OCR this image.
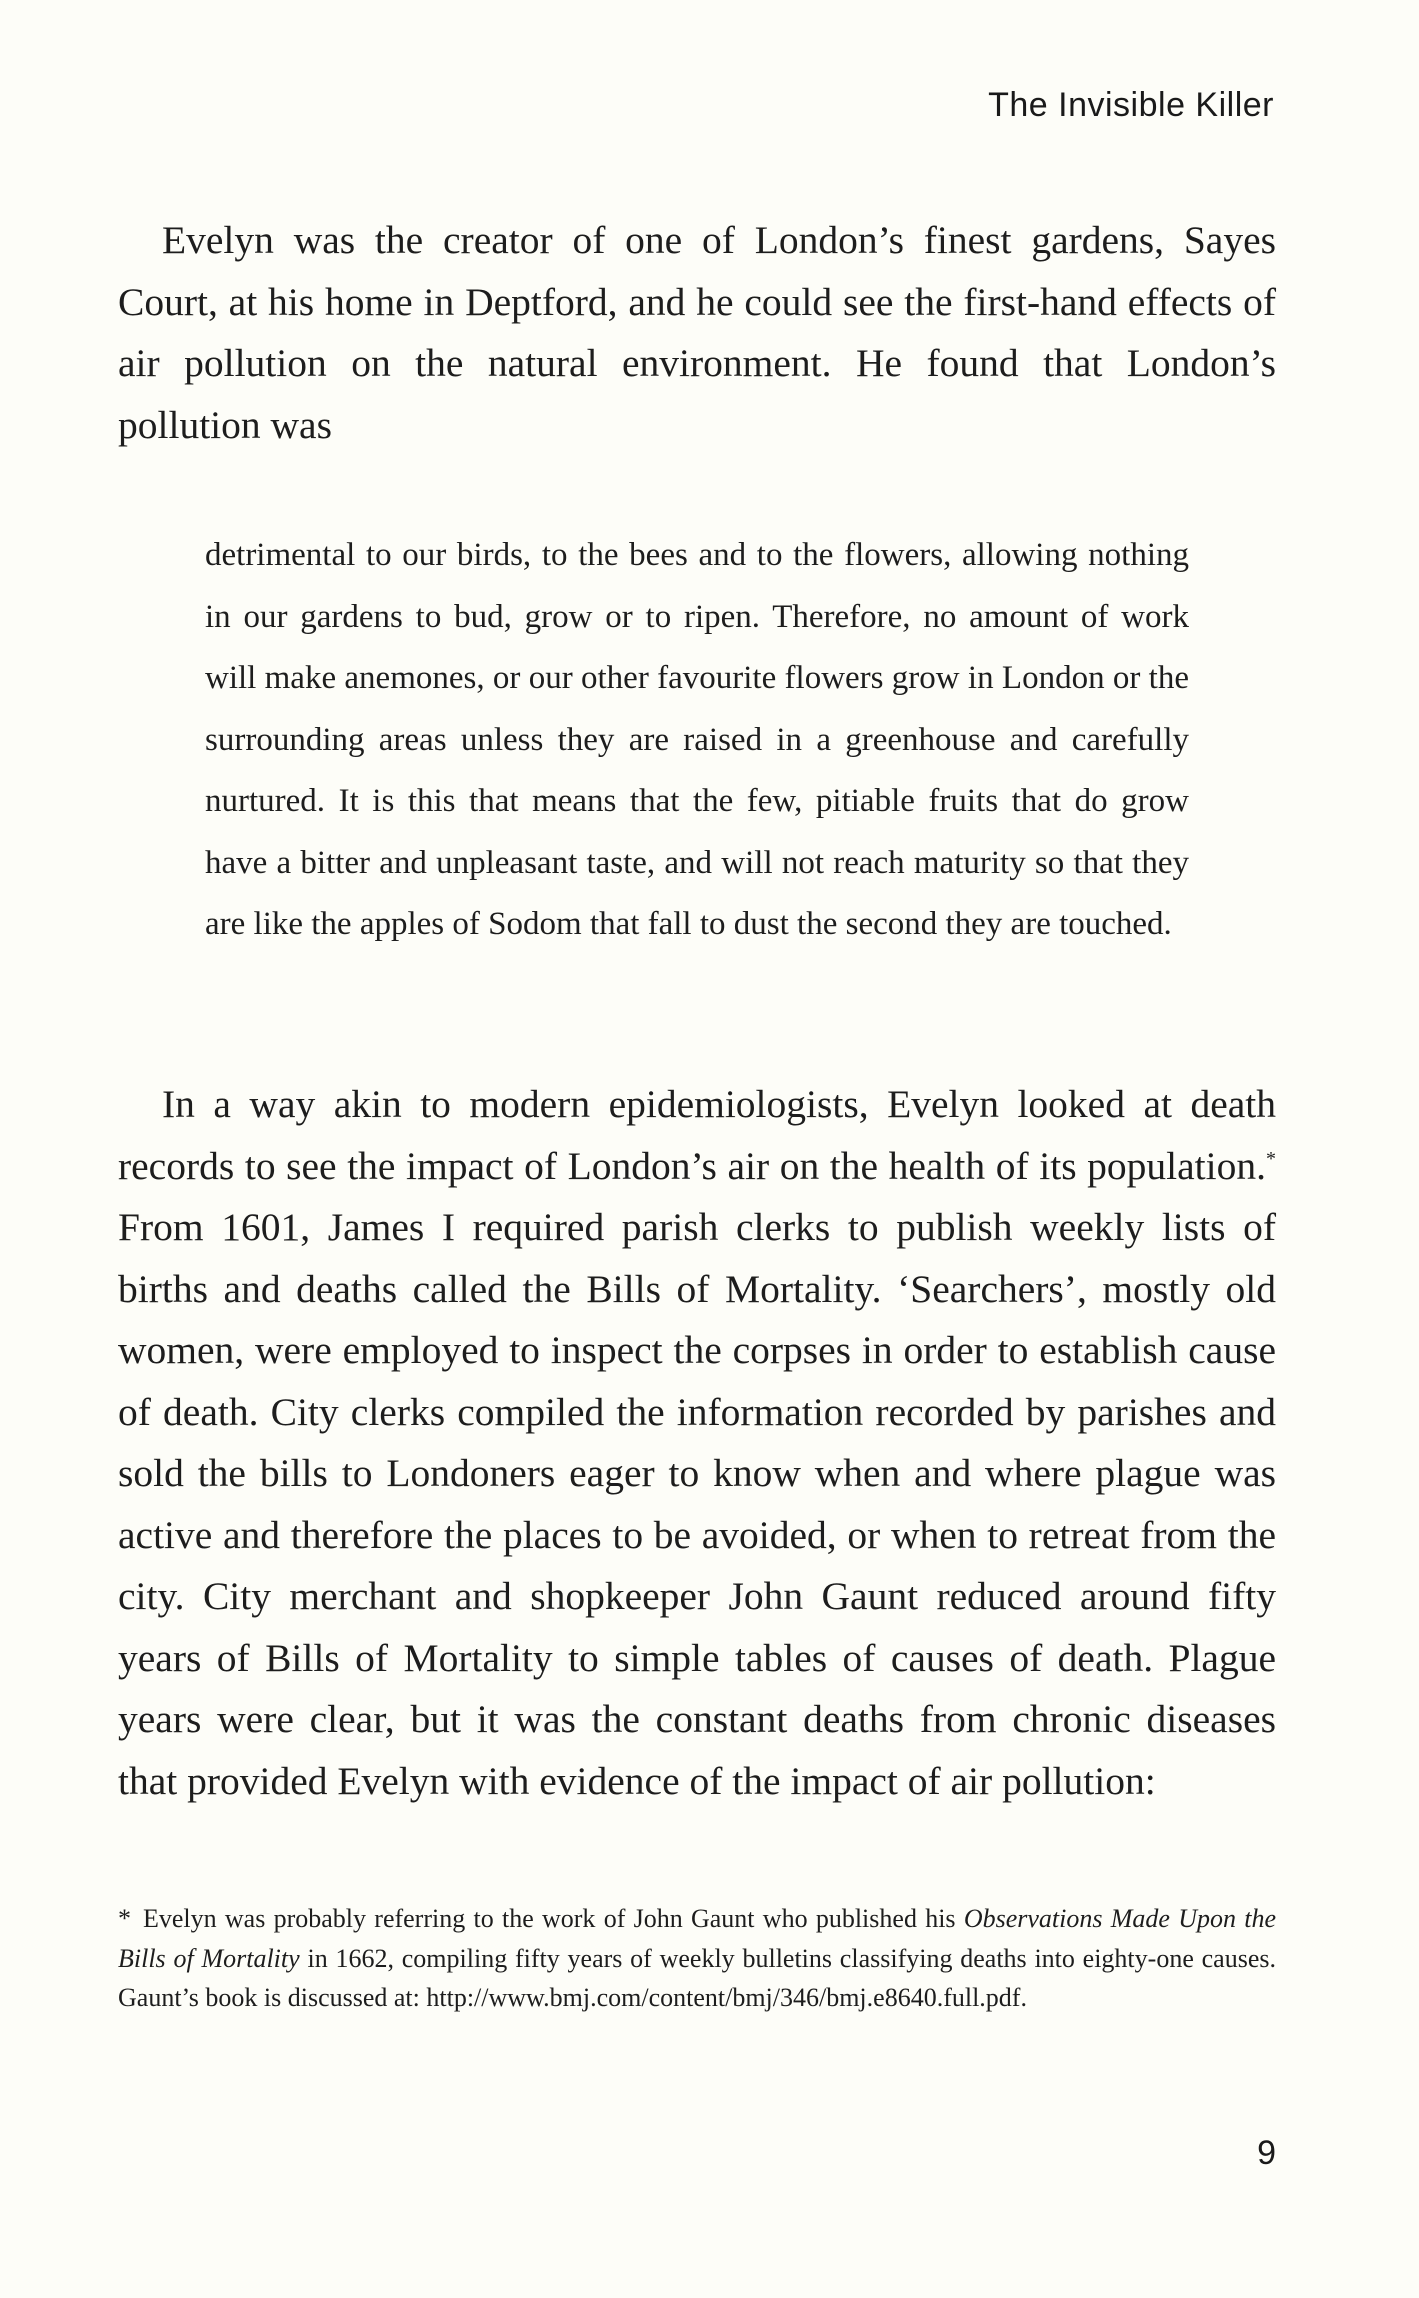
The Invisible Killer

Evelyn was the creator of one of London’s finest gardens, Sayes Court, at his home in Deptford, and he could see the first-hand effects of air pollution on the natural environment. He found that London’s pollution was

detrimental to our birds, to the bees and to the flowers, allowing nothing in our gardens to bud, grow or to ripen. Therefore, no amount of work will make anemones, or our other favourite flowers grow in London or the surrounding areas unless they are raised in a greenhouse and carefully nurtured. It is this that means that the few, pitiable fruits that do grow have a bitter and unpleasant taste, and will not reach maturity so that they are like the apples of Sodom that fall to dust the second they are touched.

In a way akin to modern epidemiologists, Evelyn looked at death records to see the impact of London’s air on the health of its population.* From 1601, James I required parish clerks to publish weekly lists of births and deaths called the Bills of Mortality. ‘Searchers’, mostly old women, were employed to inspect the corpses in order to establish cause of death. City clerks compiled the information recorded by parishes and sold the bills to Londoners eager to know when and where plague was active and therefore the places to be avoided, or when to retreat from the city. City merchant and shopkeeper John Gaunt reduced around fifty years of Bills of Mortality to simple tables of causes of death. Plague years were clear, but it was the constant deaths from chronic diseases that provided Evelyn with evidence of the impact of air pollution:

* Evelyn was probably referring to the work of John Gaunt who published his Observations Made Upon the Bills of Mortality in 1662, compiling fifty years of weekly bulletins classifying deaths into eighty-one causes. Gaunt’s book is discussed at: http://www.bmj.com/content/bmj/346/bmj.e8640.full.pdf.

9
